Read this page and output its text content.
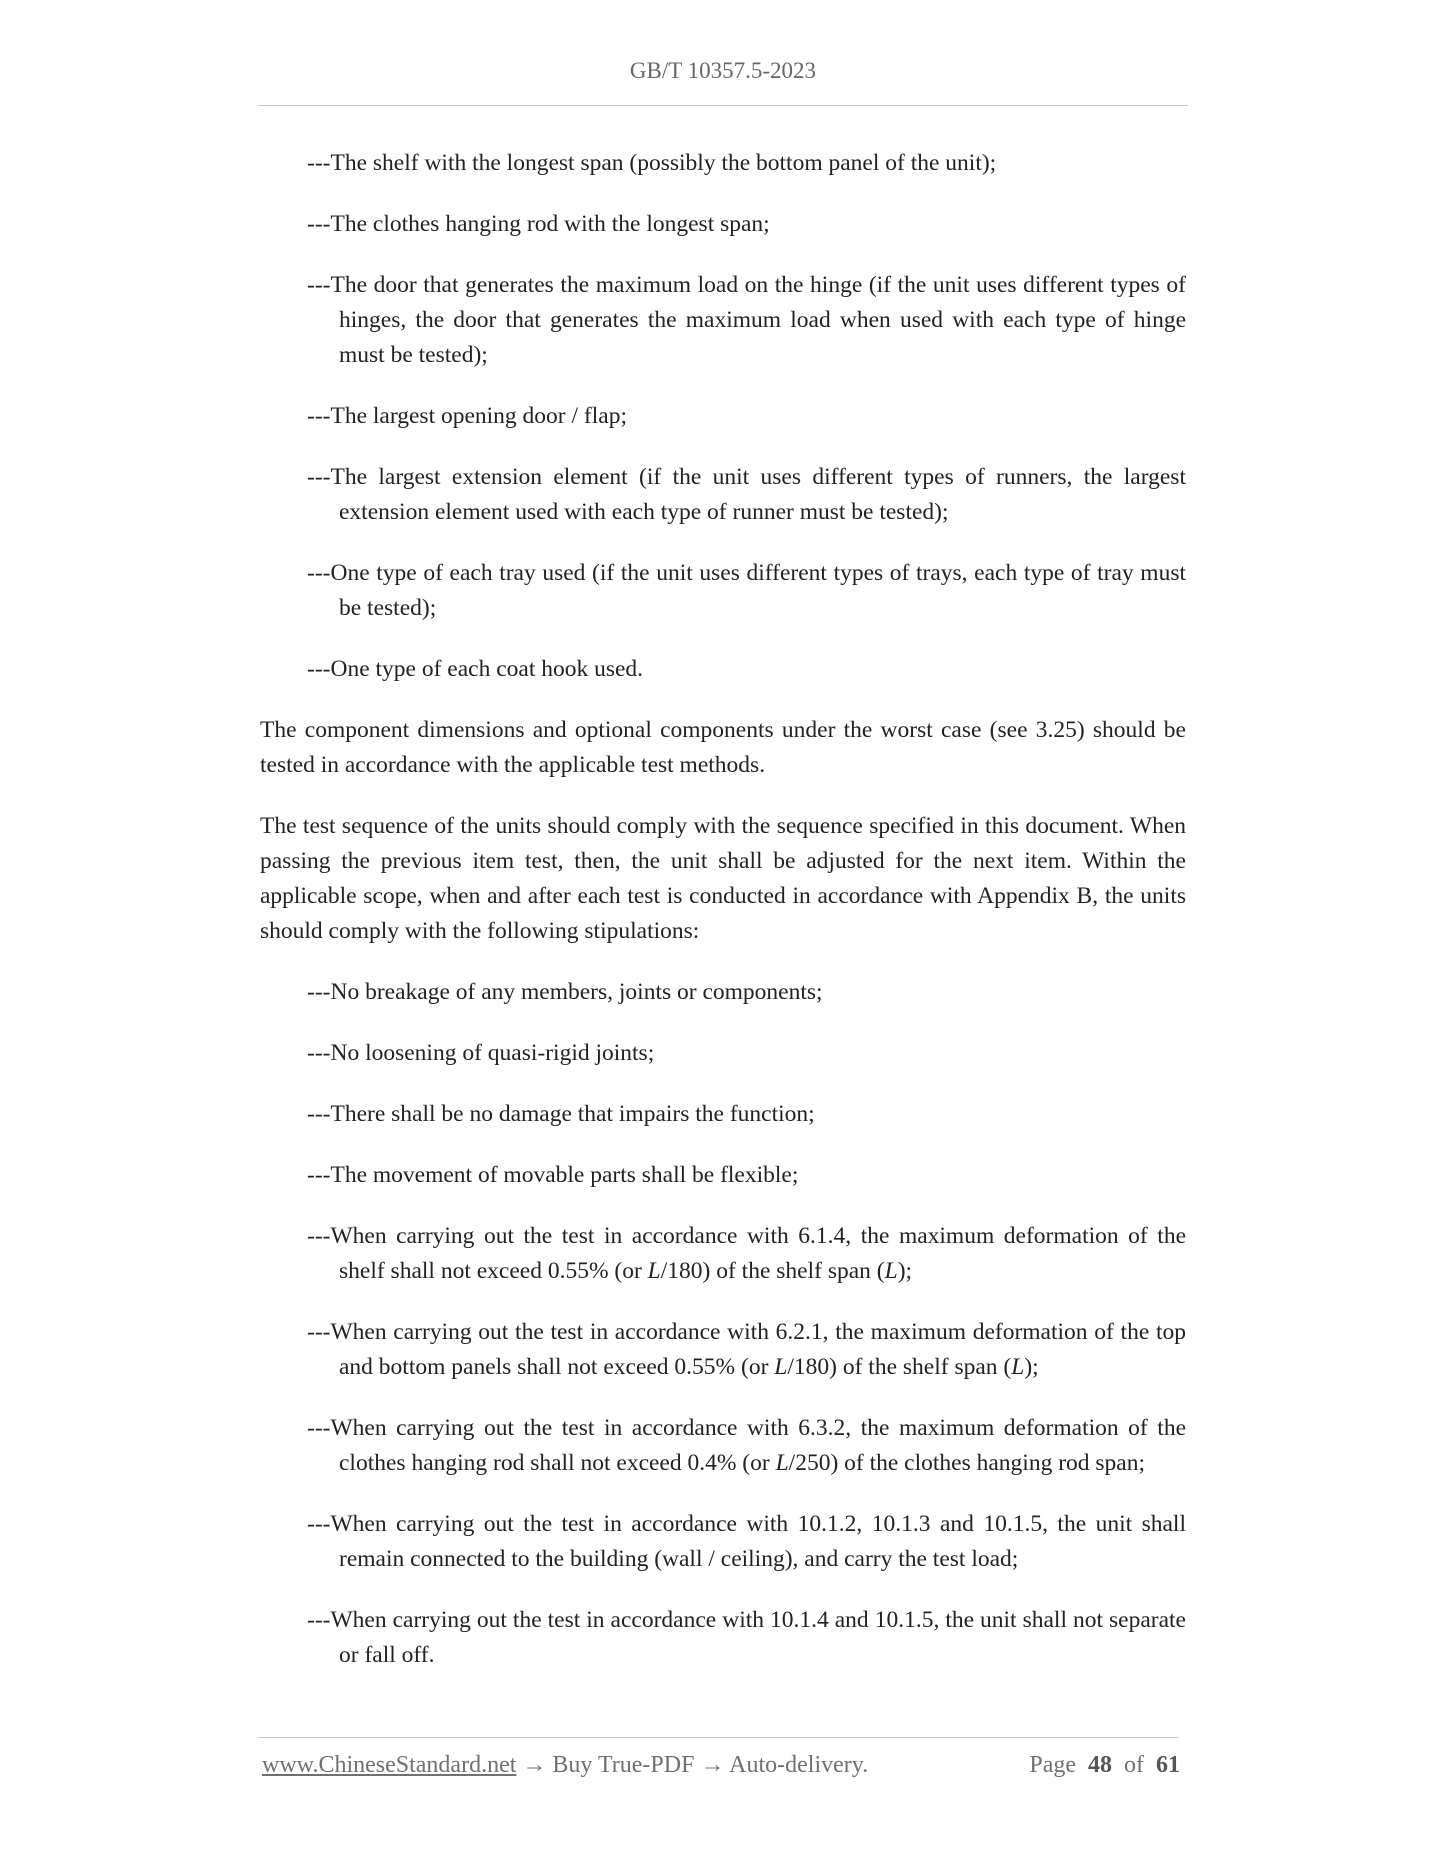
GB/T 10357.5-2023
---The shelf with the longest span (possibly the bottom panel of the unit);
---The clothes hanging rod with the longest span;
---The door that generates the maximum load on the hinge (if the unit uses different types of hinges, the door that generates the maximum load when used with each type of hinge must be tested);
---The largest opening door / flap;
---The largest extension element (if the unit uses different types of runners, the largest extension element used with each type of runner must be tested);
---One type of each tray used (if the unit uses different types of trays, each type of tray must be tested);
---One type of each coat hook used.

The component dimensions and optional components under the worst case (see 3.25) should be tested in accordance with the applicable test methods.

The test sequence of the units should comply with the sequence specified in this document. When passing the previous item test, then, the unit shall be adjusted for the next item. Within the applicable scope, when and after each test is conducted in accordance with Appendix B, the units should comply with the following stipulations:

---No breakage of any members, joints or components;
---No loosening of quasi-rigid joints;
---There shall be no damage that impairs the function;
---The movement of movable parts shall be flexible;
---When carrying out the test in accordance with 6.1.4, the maximum deformation of the shelf shall not exceed 0.55% (or L/180) of the shelf span (L);
---When carrying out the test in accordance with 6.2.1, the maximum deformation of the top and bottom panels shall not exceed 0.55% (or L/180) of the shelf span (L);
---When carrying out the test in accordance with 6.3.2, the maximum deformation of the clothes hanging rod shall not exceed 0.4% (or L/250) of the clothes hanging rod span;
---When carrying out the test in accordance with 10.1.2, 10.1.3 and 10.1.5, the unit shall remain connected to the building (wall / ceiling), and carry the test load;
---When carrying out the test in accordance with 10.1.4 and 10.1.5, the unit shall not separate or fall off.
www.ChineseStandard.net → Buy True-PDF → Auto-delivery.	Page 48 of 61
